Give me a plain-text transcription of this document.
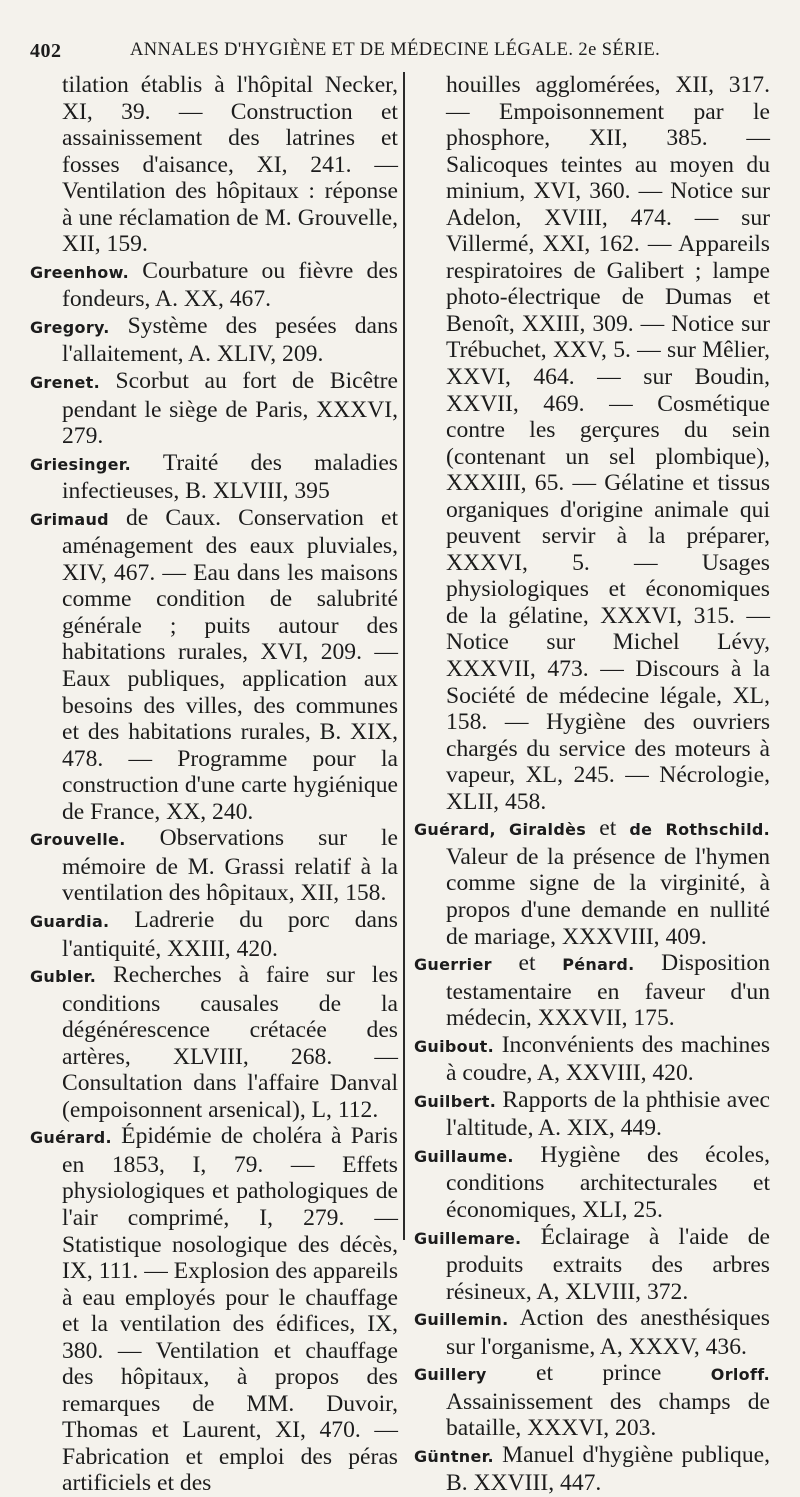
402	ANNALES D'HYGIÈNE ET DE MÉDECINE LÉGALE. 2e SÉRIE.

tilation établis à l'hôpital Necker, XI, 39. — Construction et assainissement des latrines et fosses d'aisance, XI, 241. — Ventilation des hôpitaux : réponse à une réclamation de M. Grouvelle, XII, 159.

Greenhow. Courbature ou fièvre des fondeurs, A. XX, 467.

Gregory. Système des pesées dans l'allaitement, A. XLIV, 209.

Grenet. Scorbut au fort de Bicêtre pendant le siège de Paris, XXXVI, 279.

Griesinger. Traité des maladies infectieuses, B. XLVIII, 395

Grimaud de Caux. Conservation et aménagement des eaux pluviales, XIV, 467. — Eau dans les maisons comme condition de salubrité générale ; puits autour des habitations rurales, XVI, 209. — Eaux publiques, application aux besoins des villes, des communes et des habitations rurales, B. XIX, 478. — Programme pour la construction d'une carte hygiénique de France, XX, 240.

Grouvelle. Observations sur le mémoire de M. Grassi relatif à la ventilation des hôpitaux, XII, 158.

Guardia. Ladrerie du porc dans l'antiquité, XXIII, 420.

Gubler. Recherches à faire sur les conditions causales de la dégénérescence crétacée des artères, XLVIII, 268. — Consultation dans l'affaire Danval (empoisonnent arsenical), L, 112.

Guérard. Épidémie de choléra à Paris en 1853, I, 79. — Effets physiologiques et pathologiques de l'air comprimé, I, 279. — Statistique nosologique des décès, IX, 111. — Explosion des appareils à eau employés pour le chauffage et la ventilation des édifices, IX, 380. — Ventilation et chauffage des hôpitaux, à propos des remarques de MM. Duvoir, Thomas et Laurent, XI, 470. — Fabrication et emploi des péras artificiels et des

houilles agglomérées, XII, 317. — Empoisonnement par le phosphore, XII, 385. — Salicoques teintes au moyen du minium, XVI, 360. — Notice sur Adelon, XVIII, 474. — sur Villermé, XXI, 162. — Appareils respiratoires de Galibert ; lampe photo-électrique de Dumas et Benoît, XXIII, 309. — Notice sur Trébuchet, XXV, 5. — sur Mêlier, XXVI, 464. — sur Boudin, XXVII, 469. — Cosmétique contre les gerçures du sein (contenant un sel plombique), XXXIII, 65. — Gélatine et tissus organiques d'origine animale qui peuvent servir à la préparer, XXXVI, 5. — Usages physiologiques et économiques de la gélatine, XXXVI, 315. — Notice sur Michel Lévy, XXXVII, 473. — Discours à la Société de médecine légale, XL, 158. — Hygiène des ouvriers chargés du service des moteurs à vapeur, XL, 245. — Nécrologie, XLII, 458.

Guérard, Giraldès et de Rothschild. Valeur de la présence de l'hymen comme signe de la virginité, à propos d'une demande en nullité de mariage, XXXVIII, 409.

Guerrier et Pénard. Disposition testamentaire en faveur d'un médecin, XXXVII, 175.

Guibout. Inconvénients des machines à coudre, A, XXVIII, 420.

Guilbert. Rapports de la phthisie avec l'altitude, A. XIX, 449.

Guillaume. Hygiène des écoles, conditions architecturales et économiques, XLI, 25.

Guillemare. Éclairage à l'aide de produits extraits des arbres résineux, A, XLVIII, 372.

Guillemin. Action des anesthésiques sur l'organisme, A, XXXV, 436.

Guillery et prince Orloff. Assainissement des champs de bataille, XXXVI, 203.

Güntner. Manuel d'hygiène publique, B. XXVIII, 447.
